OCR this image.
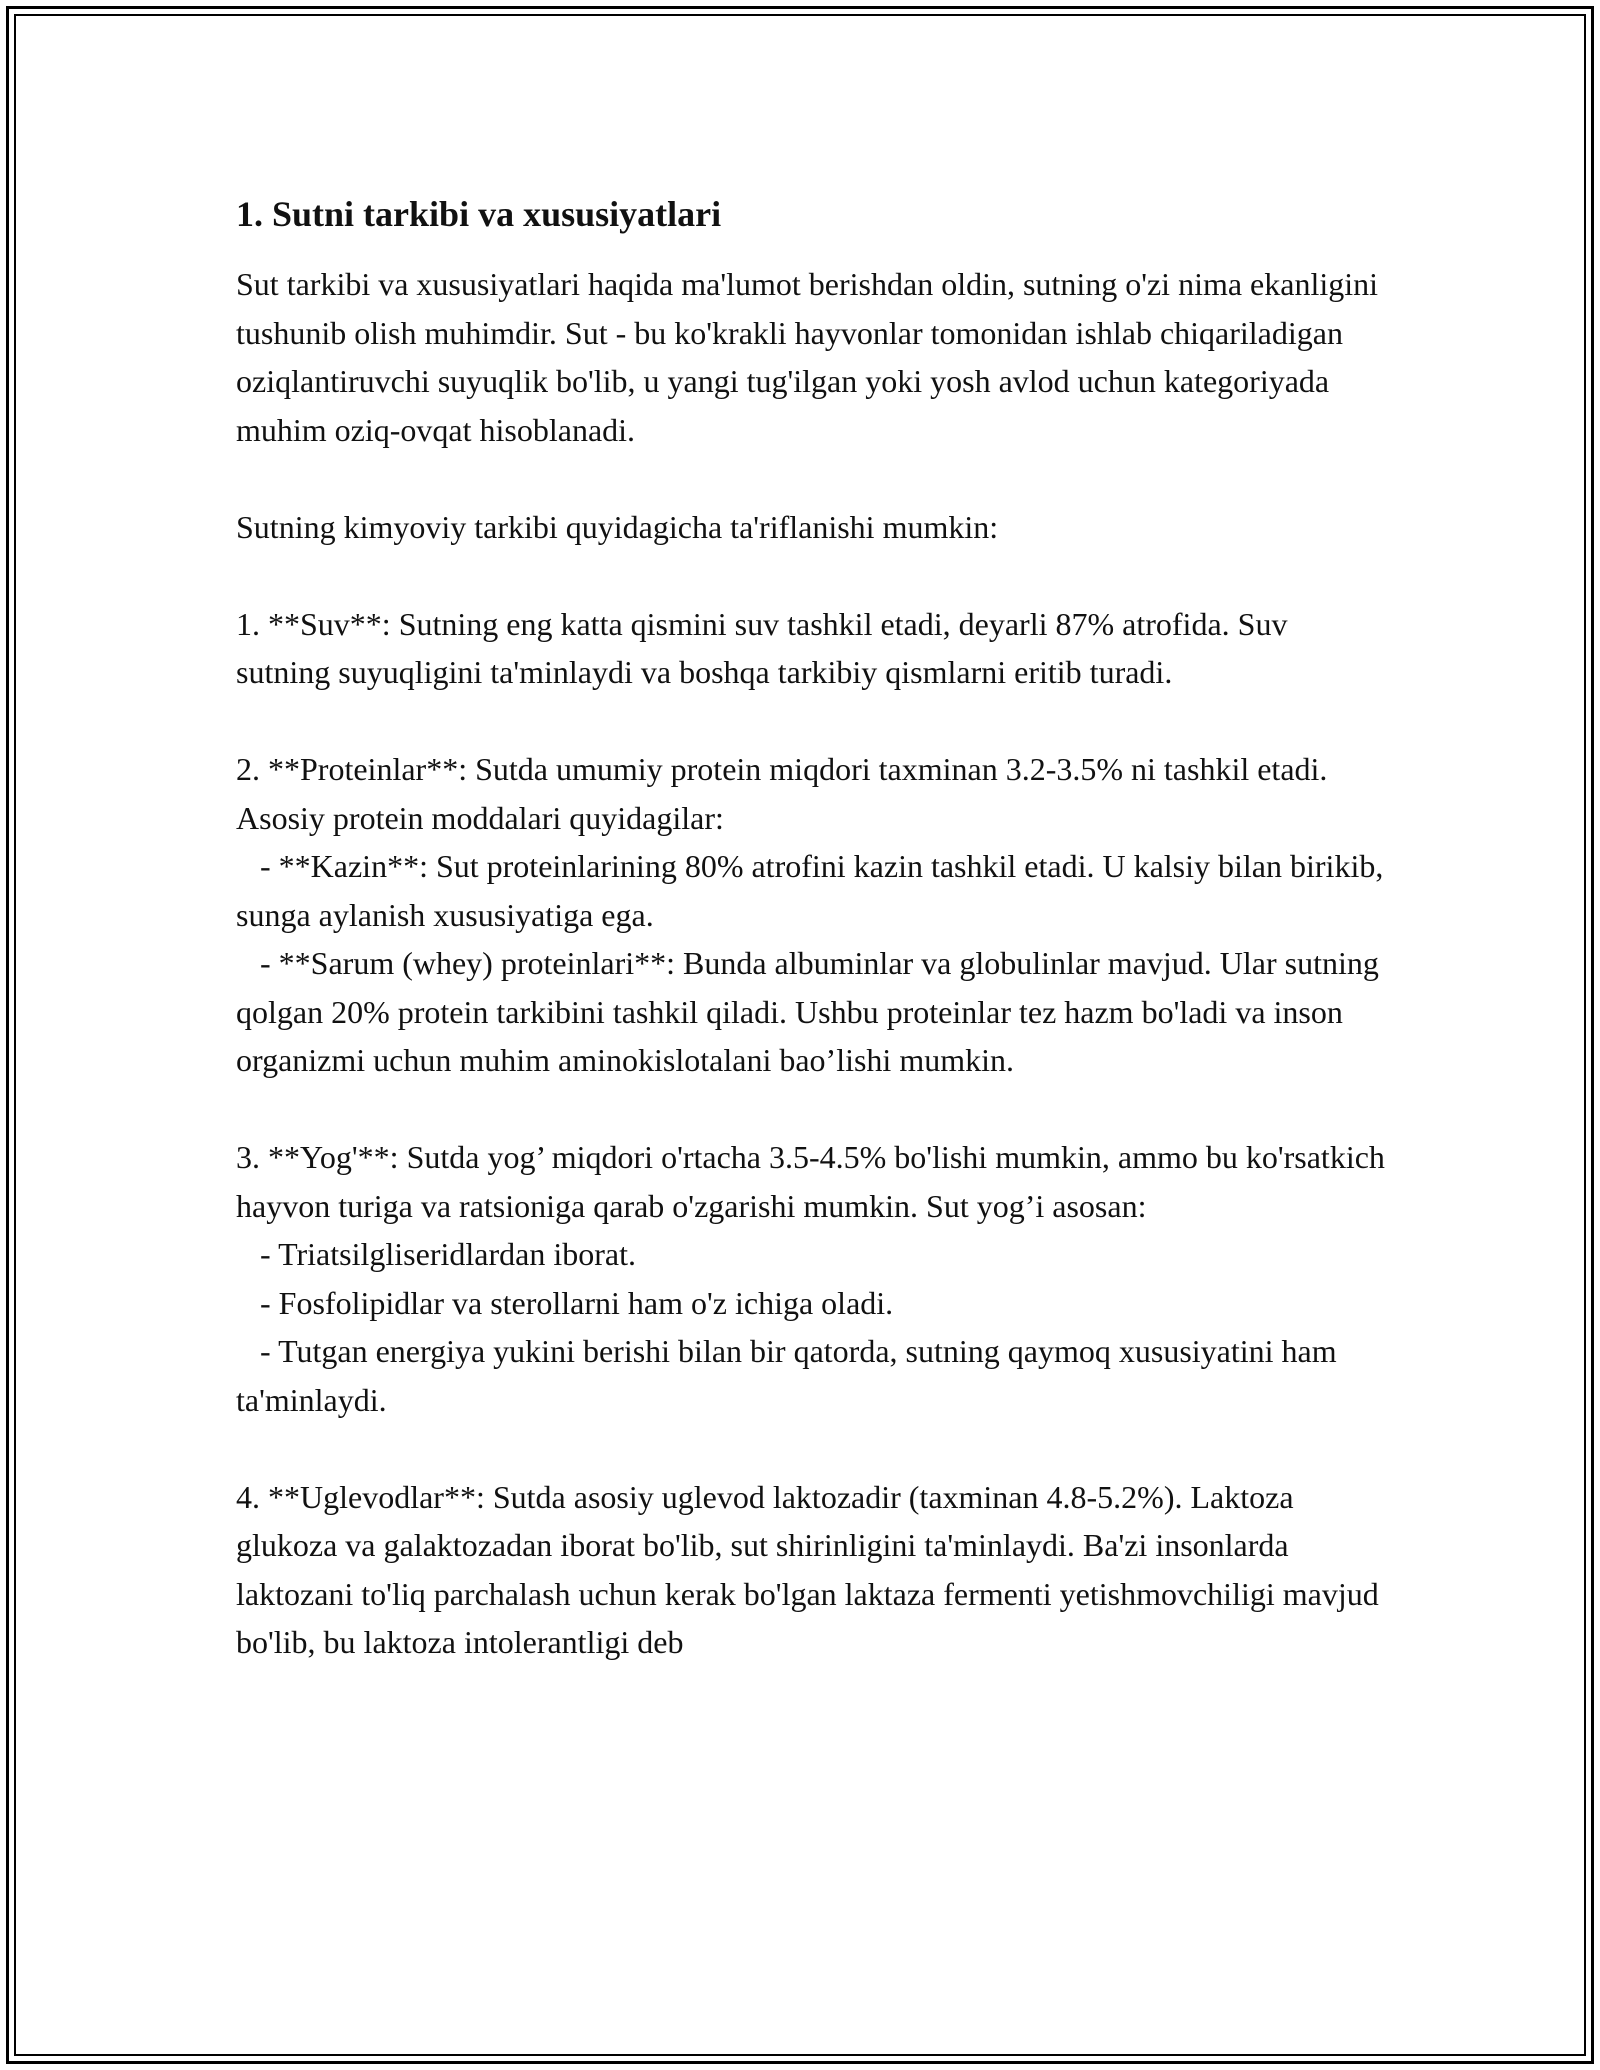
1. Sutni tarkibi va xususiyatlari

Sut tarkibi va xususiyatlari haqida ma'lumot berishdan oldin, sutning o'zi nima ekanligini tushunib olish muhimdir. Sut - bu ko'krakli hayvonlar tomonidan ishlab chiqariladigan oziqlantiruvchi suyuqlik bo'lib, u yangi tug'ilgan yoki yosh avlod uchun kategoriyada muhim oziq-ovqat hisoblanadi.

Sutning kimyoviy tarkibi quyidagicha ta'riflanishi mumkin:

1. **Suv**: Sutning eng katta qismini suv tashkil etadi, deyarli 87% atrofida. Suv sutning suyuqligini ta'minlaydi va boshqa tarkibiy qismlarni eritib turadi.

2. **Proteinlar**: Sutda umumiy protein miqdori taxminan 3.2-3.5% ni tashkil etadi. Asosiy protein moddalari quyidagilar:
- **Kazin**: Sut proteinlarining 80% atrofini kazin tashkil etadi. U kalsiy bilan birikib, sunga aylanish xususiyatiga ega.
- **Sarum (whey) proteinlari**: Bunda albuminlar va globulinlar mavjud. Ular sutning qolgan 20% protein tarkibini tashkil qiladi. Ushbu proteinlar tez hazm bo'ladi va inson organizmi uchun muhim aminokislotalani bao’lishi mumkin.

3. **Yog'**: Sutda yog’ miqdori o'rtacha 3.5-4.5% bo'lishi mumkin, ammo bu ko'rsatkich hayvon turiga va ratsioniga qarab o'zgarishi mumkin. Sut yog’i asosan:
- Triatsilgliseridlardan iborat.
- Fosfolipidlar va sterollarni ham o'z ichiga oladi.
- Tutgan energiya yukini berishi bilan bir qatorda, sutning qaymoq xususiyatini ham ta'minlaydi.

4. **Uglevodlar**: Sutda asosiy uglevod laktozadir (taxminan 4.8-5.2%). Laktoza glukoza va galaktozadan iborat bo'lib, sut shirinligini ta'minlaydi. Ba'zi insonlarda laktozani to'liq parchalash uchun kerak bo'lgan laktaza fermenti yetishmovchiligi mavjud bo'lib, bu laktoza intolerantligi deb
